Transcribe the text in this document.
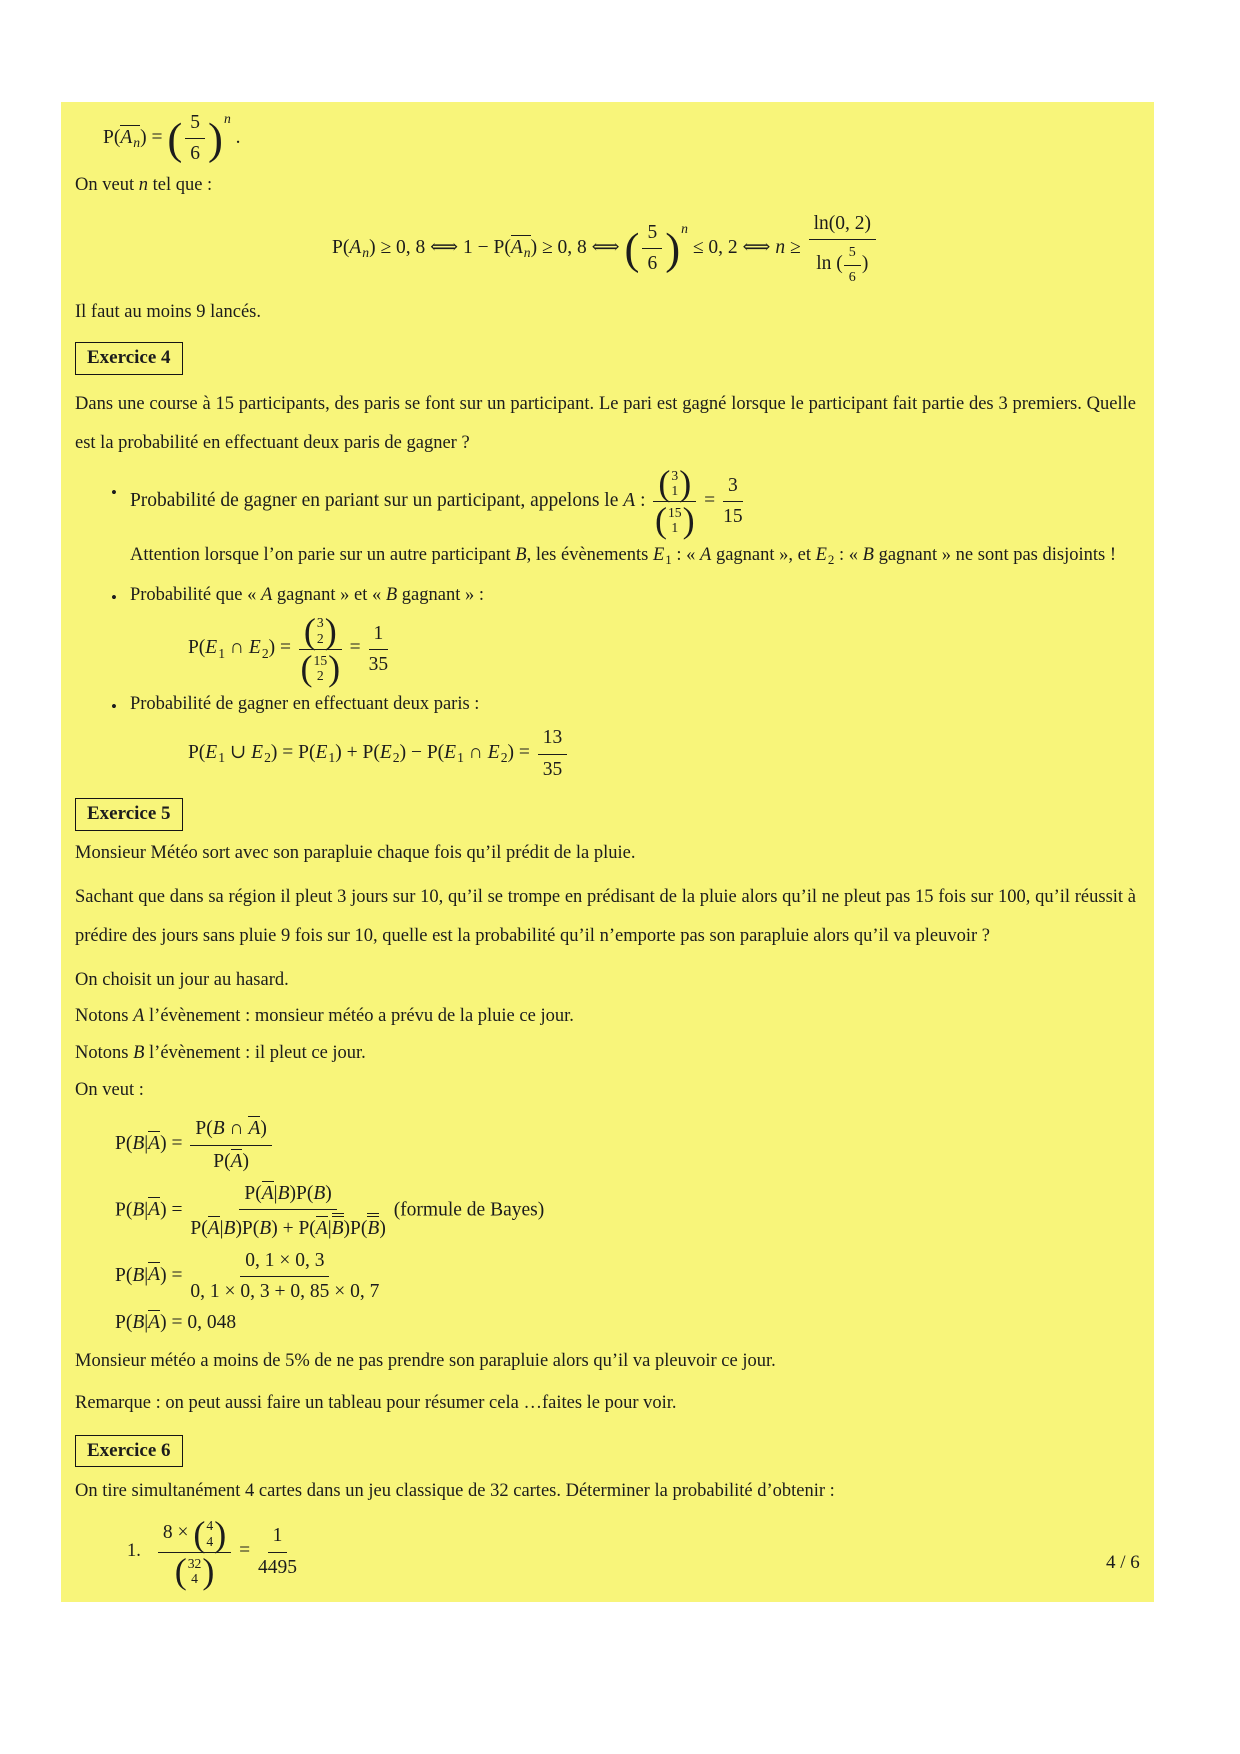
$P(A_n)$ = ( $\frac{5}{6} )^n$ .
On veut n tel que :
$P(A_n) \ge 0$, 8 ⟺ $1 - P(A_n) \ge 0$, 8 ⟺ ( $\frac{5}{6} )^n \le 0$, 2 ⟺ $n \ge \frac{\ln(0, 2)}{\ln ( \frac{5}{6} )}$
Il faut au moins 9 lancés.
Exercice 4
Dans une course à 15 participants, des paris se font sur un participant. Le pari est gagné lorsque le participant fait partie des 3 premiers. Quelle est la probabilité en effectuant deux paris de gagner ?
• Probabilité de gagner en pariant sur un participant, appelons le A : ( 3
1 )
( 15
1 ) = $\frac{3}{15}$
Attention lorsque l’on parie sur un autre participant B, les évènements $E_1$ : « A gagnant », et $E_2$ : « B gagnant » ne sont pas disjoints !
• Probabilité que « A gagnant » et « B gagnant » :
$P(E_1$ ∩ $E_2$) = ( 3
2 )
( 15
2 ) = $\frac{1}{35}$
• Probabilité de gagner en effectuant deux paris :
$P(E_1$ ∪ $E_2) = P(E_1) + P(E_2) - P(E_1$ ∩ $E_2) = \frac{13}{35}$
Exercice 5
Monsieur Météo sort avec son parapluie chaque fois qu’il prédit de la pluie.
Sachant que dans sa région il pleut 3 jours sur 10, qu’il se trompe en prédisant de la pluie alors qu’il ne pleut pas 15 fois sur 100, qu’il réussit à prédire des jours sans pluie 9 fois sur 10, quelle est la probabilité qu’il n’emporte pas son parapluie alors qu’il va pleuvoir ?
On choisit un jour au hasard.
Notons A l’évènement : monsieur météo a prévu de la pluie ce jour.
Notons B l’évènement : il pleut ce jour.
On veut :
$P(B|A) = \frac{P(B \cap A)}{P(A)}$
$P(B|A) = \frac{P(A|B)P(B)}{P(A|B)P(B) + P(A|B)P(B)}$ (formule de Bayes)
$P(B|A) = \frac{0, 1 \times 0, 3}{0, 1 \times 0, 3 + 0, 85 \times 0, 7}$
P(B|A) = 0, 048
Monsieur météo a moins de 5% de ne pas prendre son parapluie alors qu’il va pleuvoir ce jour.
Remarque : on peut aussi faire un tableau pour résumer cela …faites le pour voir.
Exercice 6
On tire simultanément 4 cartes dans un jeu classique de 32 cartes. Déterminer la probabilité d’obtenir :
1. 8 × ( 4
4 )
( 32
4 ) = $\frac{1}{4495}$	4 / 6
